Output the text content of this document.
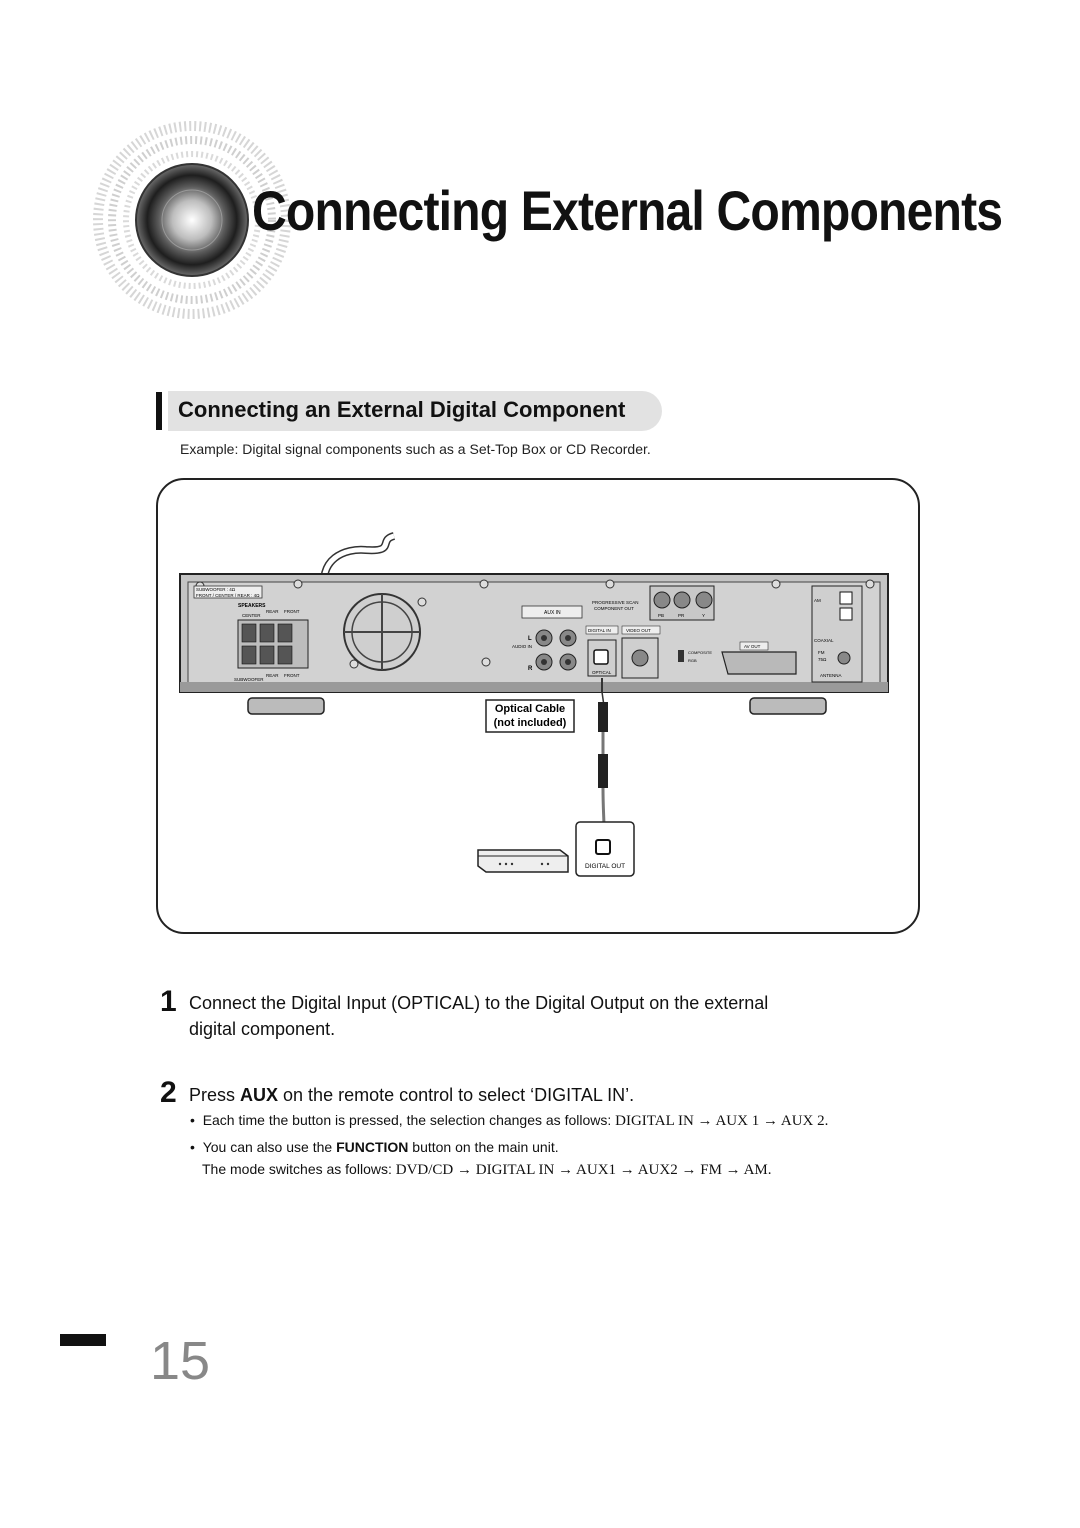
Connecting External Components
Connecting an External Digital Component
Example: Digital signal components such as a Set-Top Box or CD Recorder.
SUBWOOFER : 4Ω
FRONT / CENTER / REAR : 4Ω
SPEAKERS
CENTER
REAR FRONT
SUBWOOFER
REAR FRONT
AUX IN
AUDIO IN
L
R
PROGRESSIVE SCAN
COMPONENT OUT
PB	PR	Y
DIGITAL IN	VIDEO OUT
OPTICAL
COMPOSITE
RGB
AV OUT
AM
COAXIAL
FM
75Ω
ANTENNA
Optical Cable
(not included)
DIGITAL OUT
1 Connect the Digital Input (OPTICAL) to the Digital Output on the external
digital component.
2 Press AUX on the remote control to select ‘DIGITAL IN’.
•  Each time the button is pressed, the selection changes as follows: DIGITAL IN → AUX 1 → AUX 2.
•  You can also use the FUNCTION button on the main unit.
The mode switches as follows: DVD/CD → DIGITAL IN → AUX1 → AUX2 → FM → AM.
15
